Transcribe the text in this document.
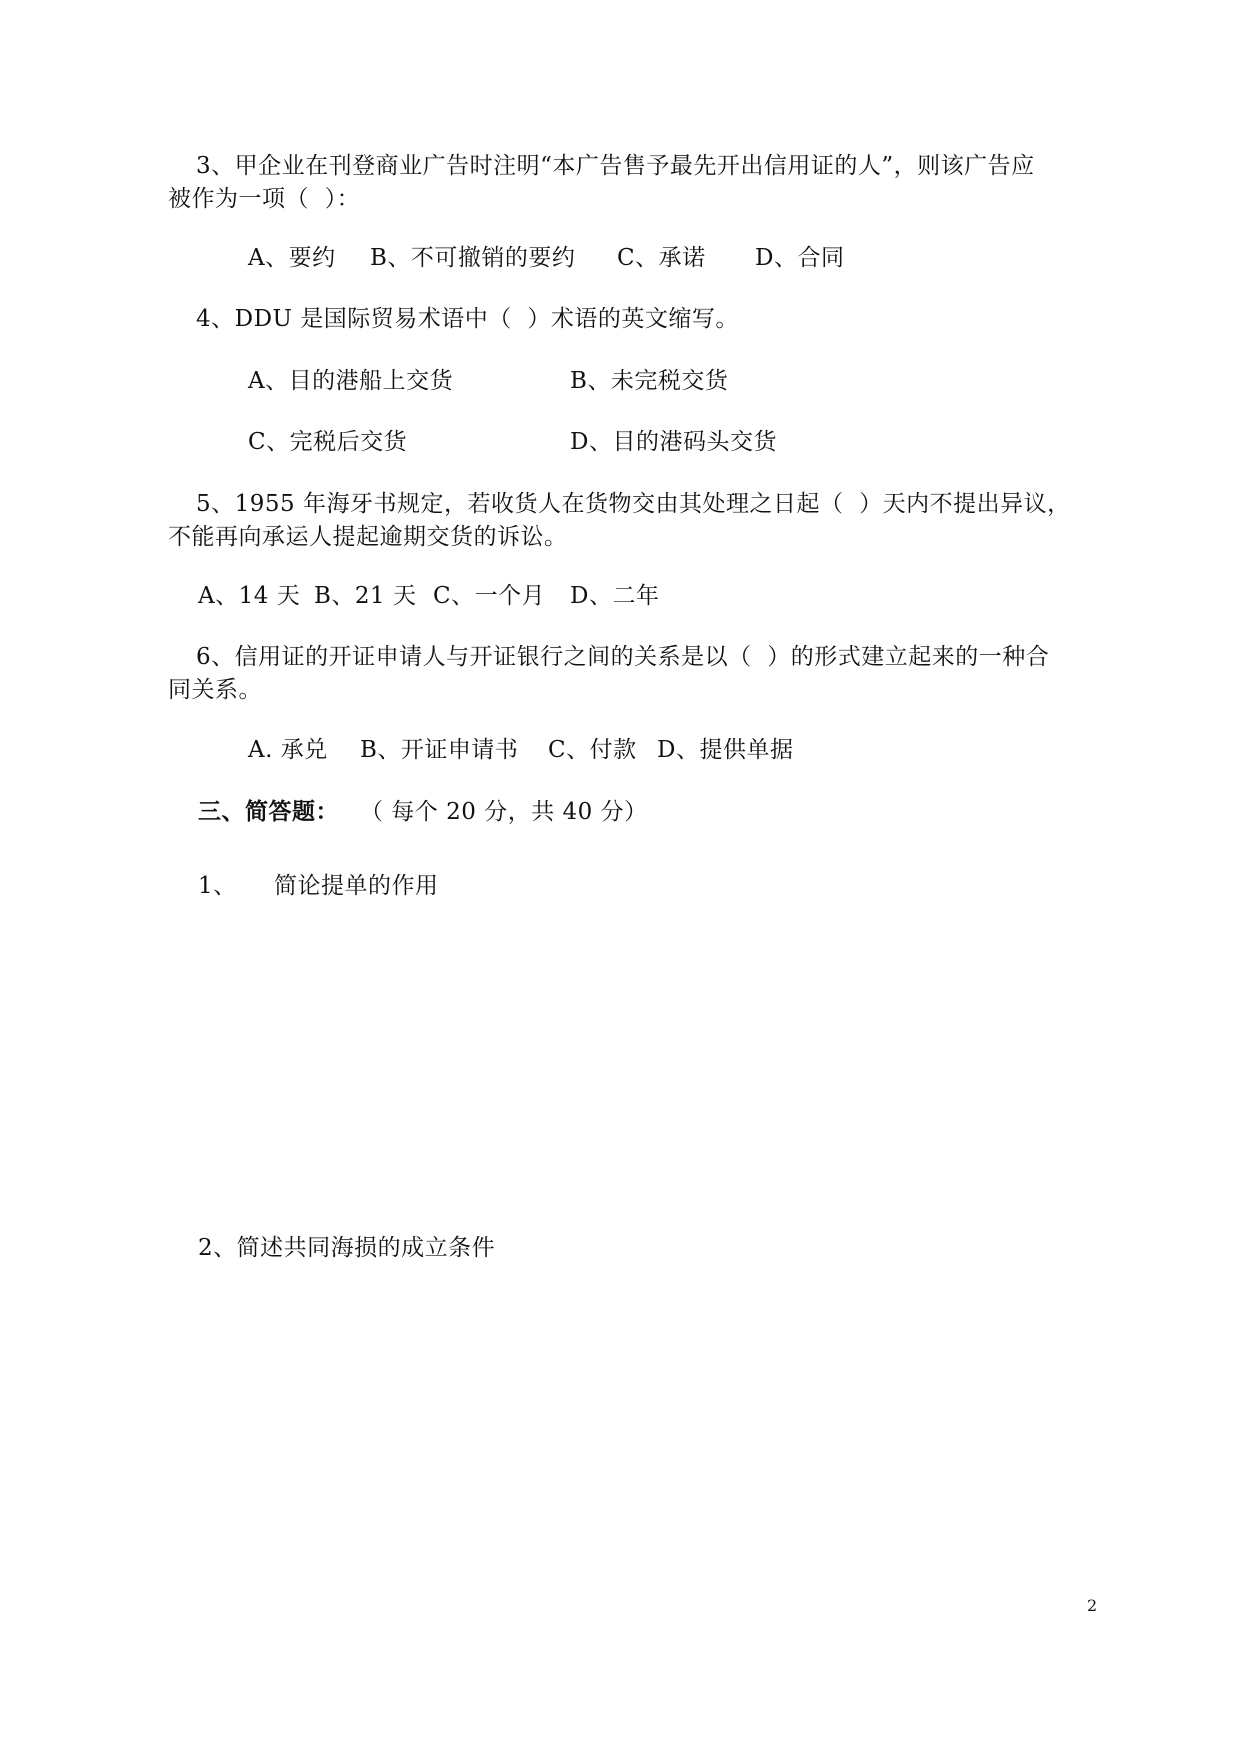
3、甲企业在刊登商业广告时注明“本广告售予最先开出信用证的人”，则该广告应
被作为一项（  ）：
A、要约 B、不可撤销的要约 C、承诺 D、合同
4、DDU 是国际贸易术语中（  ）术语的英文缩写。
A、目的港船上交货	B、未完税交货
C、完税后交货	D、目的港码头交货
5、1955 年海牙书规定，若收货人在货物交由其处理之日起（  ）天内不提出异议，
不能再向承运人提起逾期交货的诉讼。
A、14 天 B、21 天 C、一个月 D、二年
6、信用证的开证申请人与开证银行之间的关系是以（  ）的形式建立起来的一种合
同关系。
A. 承兑 B、开证申请书 C、付款 D、提供单据
三、简答题： （ 每个 20 分，共 40 分）
1、 简论提单的作用
2、简述共同海损的成立条件
2
